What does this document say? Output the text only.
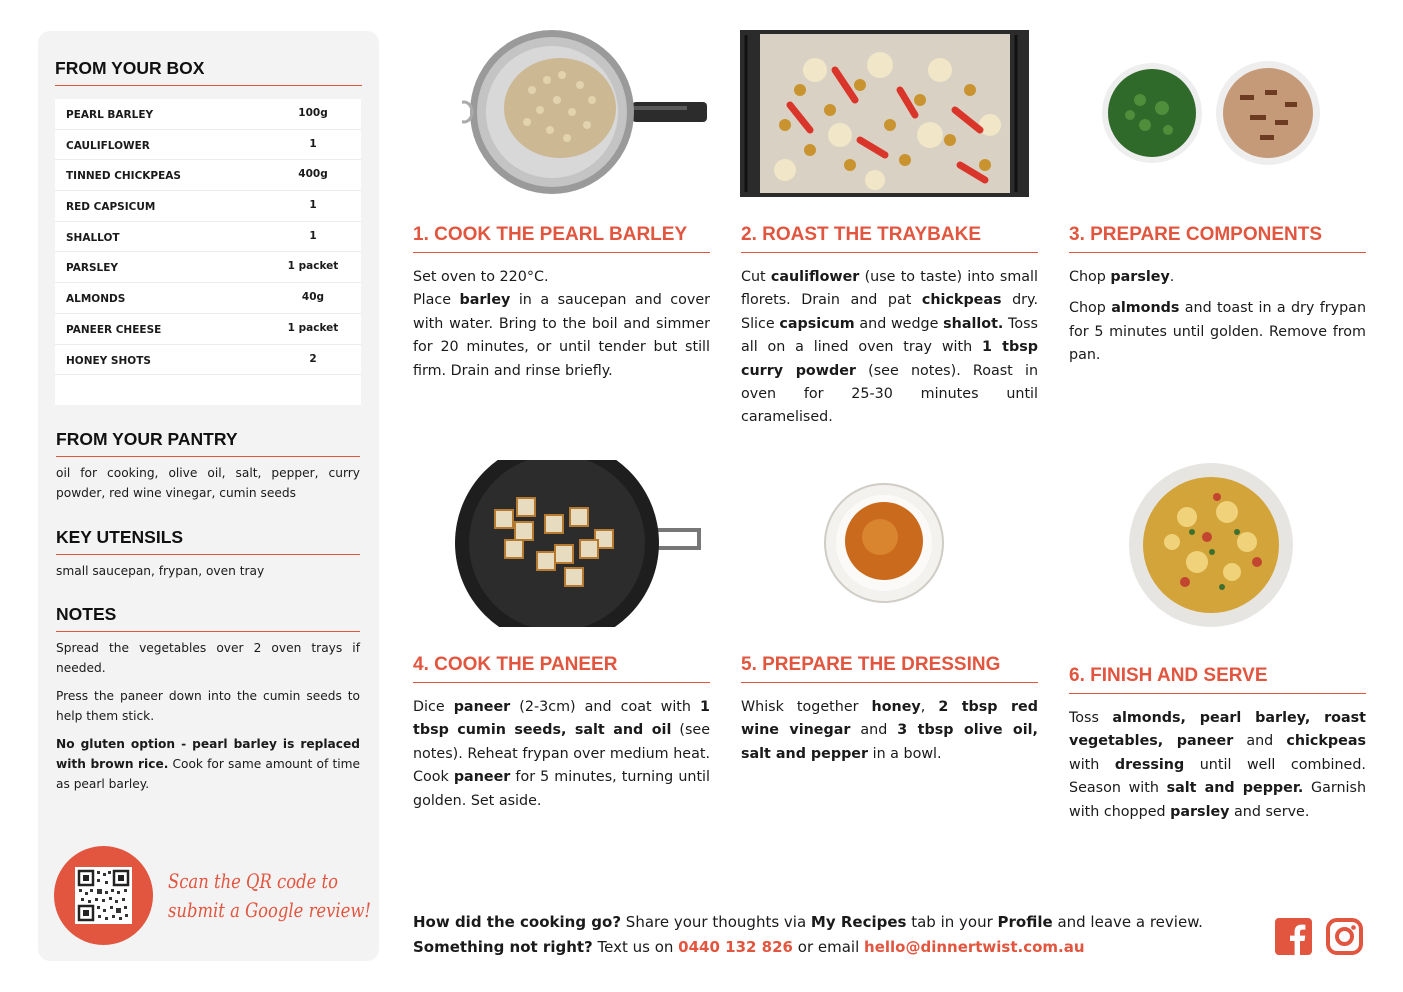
FROM YOUR BOX
PEARL BARLEY	100g
CAULIFLOWER	1
TINNED CHICKPEAS	400g
RED CAPSICUM	1
SHALLOT	1
PARSLEY	1 packet
ALMONDS	40g
PANEER CHEESE	1 packet
HONEY SHOTS	2
FROM YOUR PANTRY
oil for cooking, olive oil, salt, pepper, curry powder, red wine vinegar, cumin seeds
KEY UTENSILS
small saucepan, frypan, oven tray
NOTES

Spread the vegetables over 2 oven trays if needed.

Press the paneer down into the cumin seeds to help them stick.

No gluten option - pearl barley is replaced with brown rice. Cook for same amount of time as pearl barley.

Scan the QR code to
submit a Google review!
1. COOK THE PEARL BARLEY
Set oven to 220°C.
Place barley in a saucepan and cover with water. Bring to the boil and simmer for 20 minutes, or until tender but still firm. Drain and rinse briefly.
2. ROAST THE TRAYBAKE
Cut cauliflower (use to taste) into small florets. Drain and pat chickpeas dry. Slice capsicum and wedge shallot. Toss all on a lined oven tray with 1 tbsp curry powder (see notes). Roast in oven for 25-30 minutes until caramelised.
3. PREPARE COMPONENTS

Chop parsley.

Chop almonds and toast in a dry frypan for 5 minutes until golden. Remove from pan.

4. COOK THE PANEER
Dice paneer (2-3cm) and coat with 1 tbsp cumin seeds, salt and oil (see notes). Reheat frypan over medium heat. Cook paneer for 5 minutes, turning until golden. Set aside.
5. PREPARE THE DRESSING
Whisk together honey, 2 tbsp red wine vinegar and 3 tbsp olive oil, salt and pepper in a bowl.
6. FINISH AND SERVE
Toss almonds, pearl barley, roast vegetables, paneer and chickpeas with dressing until well combined. Season with salt and pepper. Garnish with chopped parsley and serve.
How did the cooking go? Share your thoughts via My Recipes tab in your Profile and leave a review.
Something not right? Text us on 0440 132 826 or email hello@dinnertwist.com.au
